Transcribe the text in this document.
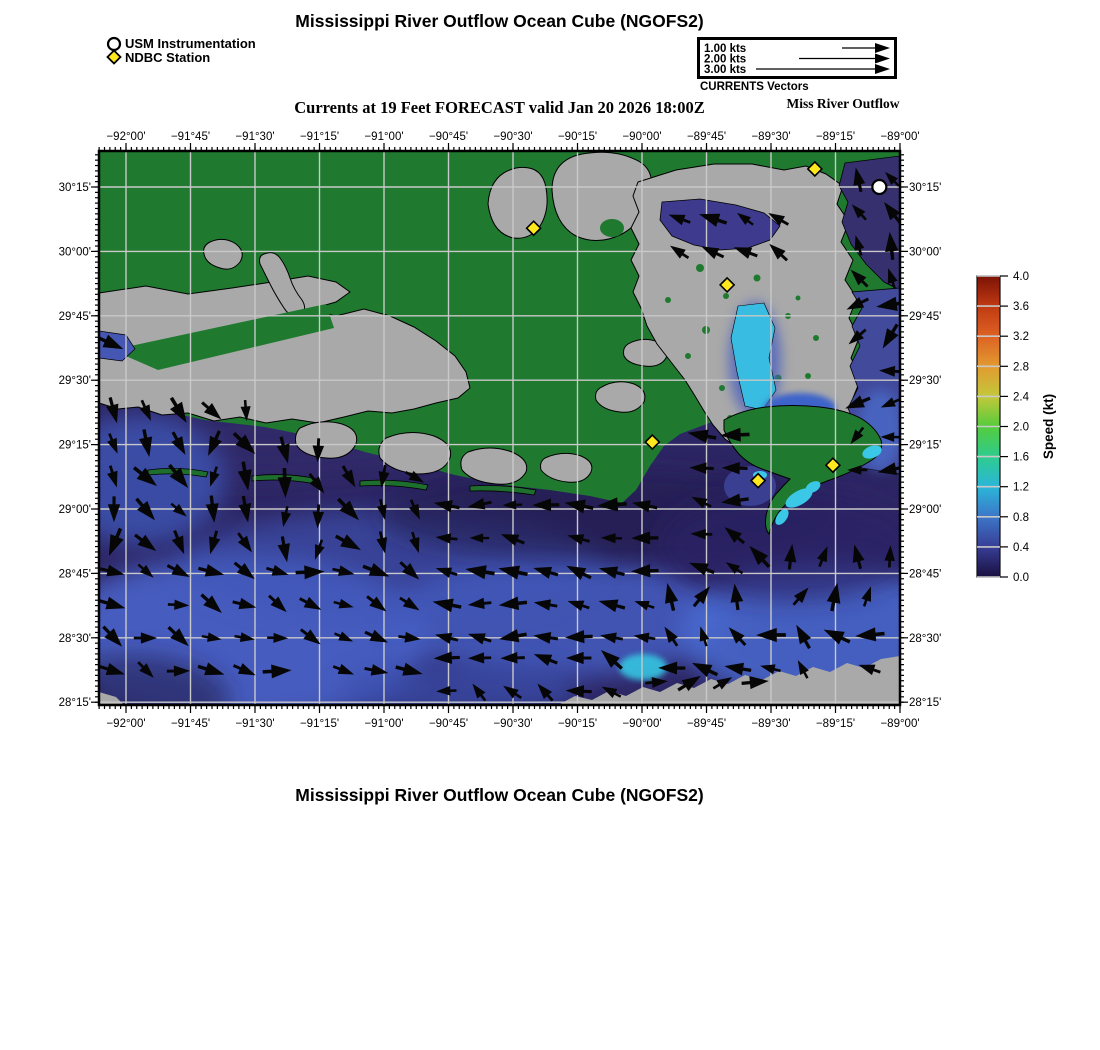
Mississippi River Outflow Ocean Cube (NGOFS2)
USM Instrumentation
NDBC Station
1.00 kts
2.00 kts
3.00 kts
CURRENTS Vectors
Miss River Outflow
Currents at 19 Feet FORECAST valid Jan 20 2026 18:00Z
−92°00'
−92°00'
−91°45'
−91°45'
−91°30'
−91°30'
−91°15'
−91°15'
−91°00'
−91°00'
−90°45'
−90°45'
−90°30'
−90°30'
−90°15'
−90°15'
−90°00'
−90°00'
−89°45'
−89°45'
−89°30'
−89°30'
−89°15'
−89°15'
−89°00'
−89°00'
30°15'	30°15'
30°00'	30°00'
29°45'	29°45'
29°30'	29°30'
29°15'	29°15'
29°00'	29°00'
28°45'	28°45'
28°30'	28°30'
28°15'	28°15'
0.0
0.4
0.8
1.2
1.6
2.0
2.4
2.8
3.2
3.6
4.0
Speed (kt)
Mississippi River Outflow Ocean Cube (NGOFS2)
